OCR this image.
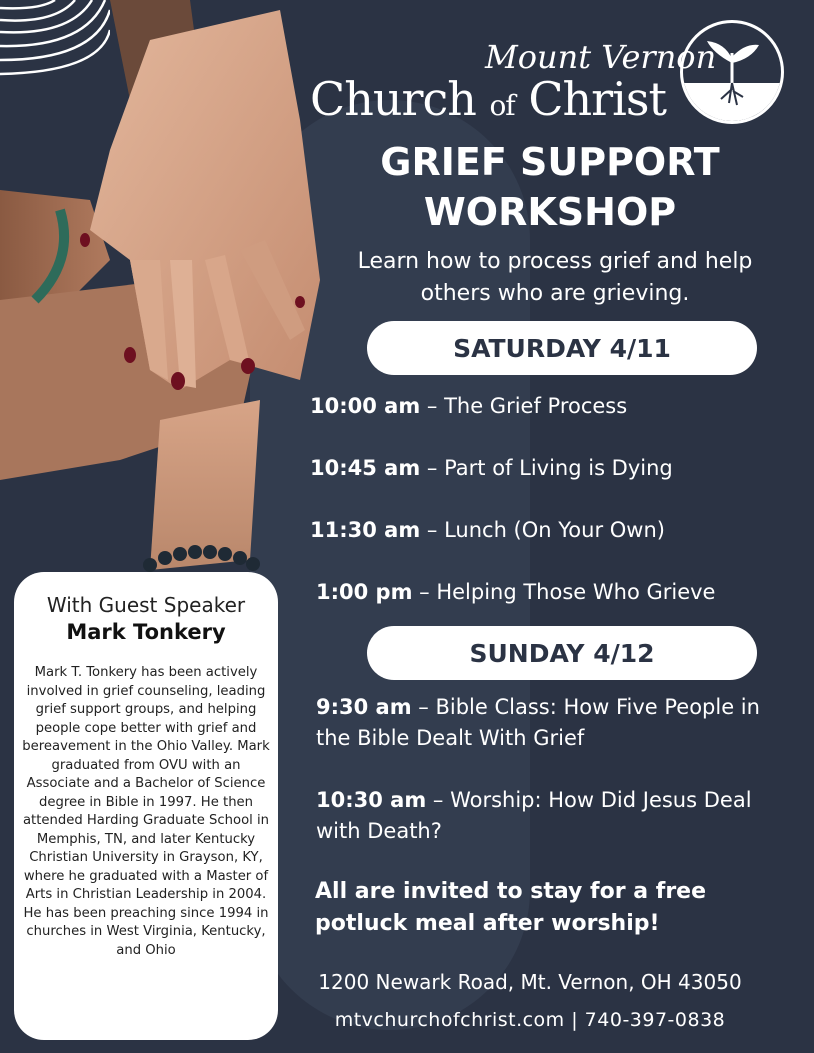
Mount Vernon
Church of Christ
GRIEF SUPPORT
WORKSHOP
Learn how to process grief and help
others who are grieving.
SATURDAY 4/11
10:00 am – The Grief Process
10:45 am – Part of Living is Dying
11:30 am – Lunch (On Your Own)
1:00 pm – Helping Those Who Grieve
SUNDAY 4/12
9:30 am – Bible Class: How Five People in the Bible Dealt With Grief
10:30 am – Worship: How Did Jesus Deal with Death?
All are invited to stay for a free
potluck meal after worship!
1200 Newark Road, Mt. Vernon, OH 43050
mtvchurchofchrist.com | 740-397-0838
With Guest Speaker
Mark Tonkery
Mark T. Tonkery has been actively involved in grief counseling, leading grief support groups, and helping people cope better with grief and bereavement in the Ohio Valley. Mark graduated from OVU with an Associate and a Bachelor of Science degree in Bible in 1997. He then attended Harding Graduate School in Memphis, TN, and later Kentucky Christian University in Grayson, KY, where he graduated with a Master of Arts in Christian Leadership in 2004. He has been preaching since 1994 in churches in West Virginia, Kentucky, and Ohio
